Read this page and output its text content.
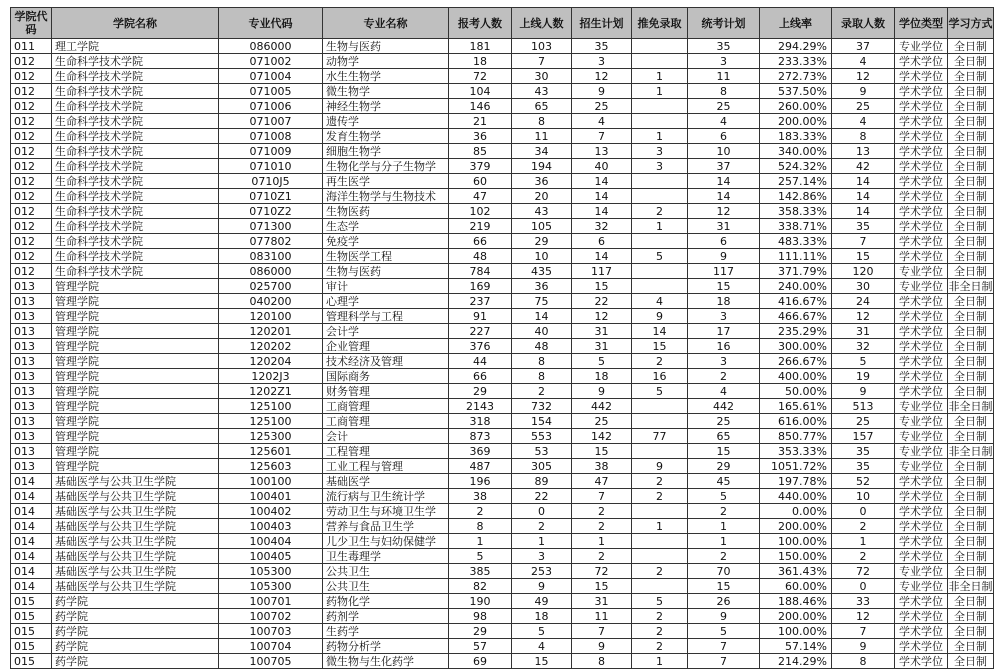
学院代码	学院名称	专业代码	专业名称	报考人数	上线人数	招生计划	推免录取	统考计划	上线率	录取人数	学位类型	学习方式
011	理工学院	086000	生物与医药	181	103	35		35	294.29%	37	专业学位	全日制
012	生命科学技术学院	071002	动物学	18	7	3		3	233.33%	4	学术学位	全日制
012	生命科学技术学院	071004	水生生物学	72	30	12	1	11	272.73%	12	学术学位	全日制
012	生命科学技术学院	071005	微生物学	104	43	9	1	8	537.50%	9	学术学位	全日制
012	生命科学技术学院	071006	神经生物学	146	65	25		25	260.00%	25	学术学位	全日制
012	生命科学技术学院	071007	遗传学	21	8	4		4	200.00%	4	学术学位	全日制
012	生命科学技术学院	071008	发育生物学	36	11	7	1	6	183.33%	8	学术学位	全日制
012	生命科学技术学院	071009	细胞生物学	85	34	13	3	10	340.00%	13	学术学位	全日制
012	生命科学技术学院	071010	生物化学与分子生物学	379	194	40	3	37	524.32%	42	学术学位	全日制
012	生命科学技术学院	0710J5	再生医学	60	36	14		14	257.14%	14	学术学位	全日制
012	生命科学技术学院	0710Z1	海洋生物学与生物技术	47	20	14		14	142.86%	14	学术学位	全日制
012	生命科学技术学院	0710Z2	生物医药	102	43	14	2	12	358.33%	14	学术学位	全日制
012	生命科学技术学院	071300	生态学	219	105	32	1	31	338.71%	35	学术学位	全日制
012	生命科学技术学院	077802	免疫学	66	29	6		6	483.33%	7	学术学位	全日制
012	生命科学技术学院	083100	生物医学工程	48	10	14	5	9	111.11%	15	学术学位	全日制
012	生命科学技术学院	086000	生物与医药	784	435	117		117	371.79%	120	专业学位	全日制
013	管理学院	025700	审计	169	36	15		15	240.00%	30	专业学位	非全日制
013	管理学院	040200	心理学	237	75	22	4	18	416.67%	24	学术学位	全日制
013	管理学院	120100	管理科学与工程	91	14	12	9	3	466.67%	12	学术学位	全日制
013	管理学院	120201	会计学	227	40	31	14	17	235.29%	31	学术学位	全日制
013	管理学院	120202	企业管理	376	48	31	15	16	300.00%	32	学术学位	全日制
013	管理学院	120204	技术经济及管理	44	8	5	2	3	266.67%	5	学术学位	全日制
013	管理学院	1202J3	国际商务	66	8	18	16	2	400.00%	19	学术学位	全日制
013	管理学院	1202Z1	财务管理	29	2	9	5	4	50.00%	9	学术学位	全日制
013	管理学院	125100	工商管理	2143	732	442		442	165.61%	513	专业学位	非全日制
013	管理学院	125100	工商管理	318	154	25		25	616.00%	25	专业学位	全日制
013	管理学院	125300	会计	873	553	142	77	65	850.77%	157	专业学位	全日制
013	管理学院	125601	工程管理	369	53	15		15	353.33%	35	专业学位	非全日制
013	管理学院	125603	工业工程与管理	487	305	38	9	29	1051.72%	35	专业学位	全日制
014	基础医学与公共卫生学院	100100	基础医学	196	89	47	2	45	197.78%	52	学术学位	全日制
014	基础医学与公共卫生学院	100401	流行病与卫生统计学	38	22	7	2	5	440.00%	10	学术学位	全日制
014	基础医学与公共卫生学院	100402	劳动卫生与环境卫生学	2	0	2		2	0.00%	0	学术学位	全日制
014	基础医学与公共卫生学院	100403	营养与食品卫生学	8	2	2	1	1	200.00%	2	学术学位	全日制
014	基础医学与公共卫生学院	100404	儿少卫生与妇幼保健学	1	1	1		1	100.00%	1	学术学位	全日制
014	基础医学与公共卫生学院	100405	卫生毒理学	5	3	2		2	150.00%	2	学术学位	全日制
014	基础医学与公共卫生学院	105300	公共卫生	385	253	72	2	70	361.43%	72	专业学位	全日制
014	基础医学与公共卫生学院	105300	公共卫生	82	9	15		15	60.00%	0	专业学位	非全日制
015	药学院	100701	药物化学	190	49	31	5	26	188.46%	33	学术学位	全日制
015	药学院	100702	药剂学	98	18	11	2	9	200.00%	12	学术学位	全日制
015	药学院	100703	生药学	29	5	7	2	5	100.00%	7	学术学位	全日制
015	药学院	100704	药物分析学	57	4	9	2	7	57.14%	9	学术学位	全日制
015	药学院	100705	微生物与生化药学	69	15	8	1	7	214.29%	8	学术学位	全日制
